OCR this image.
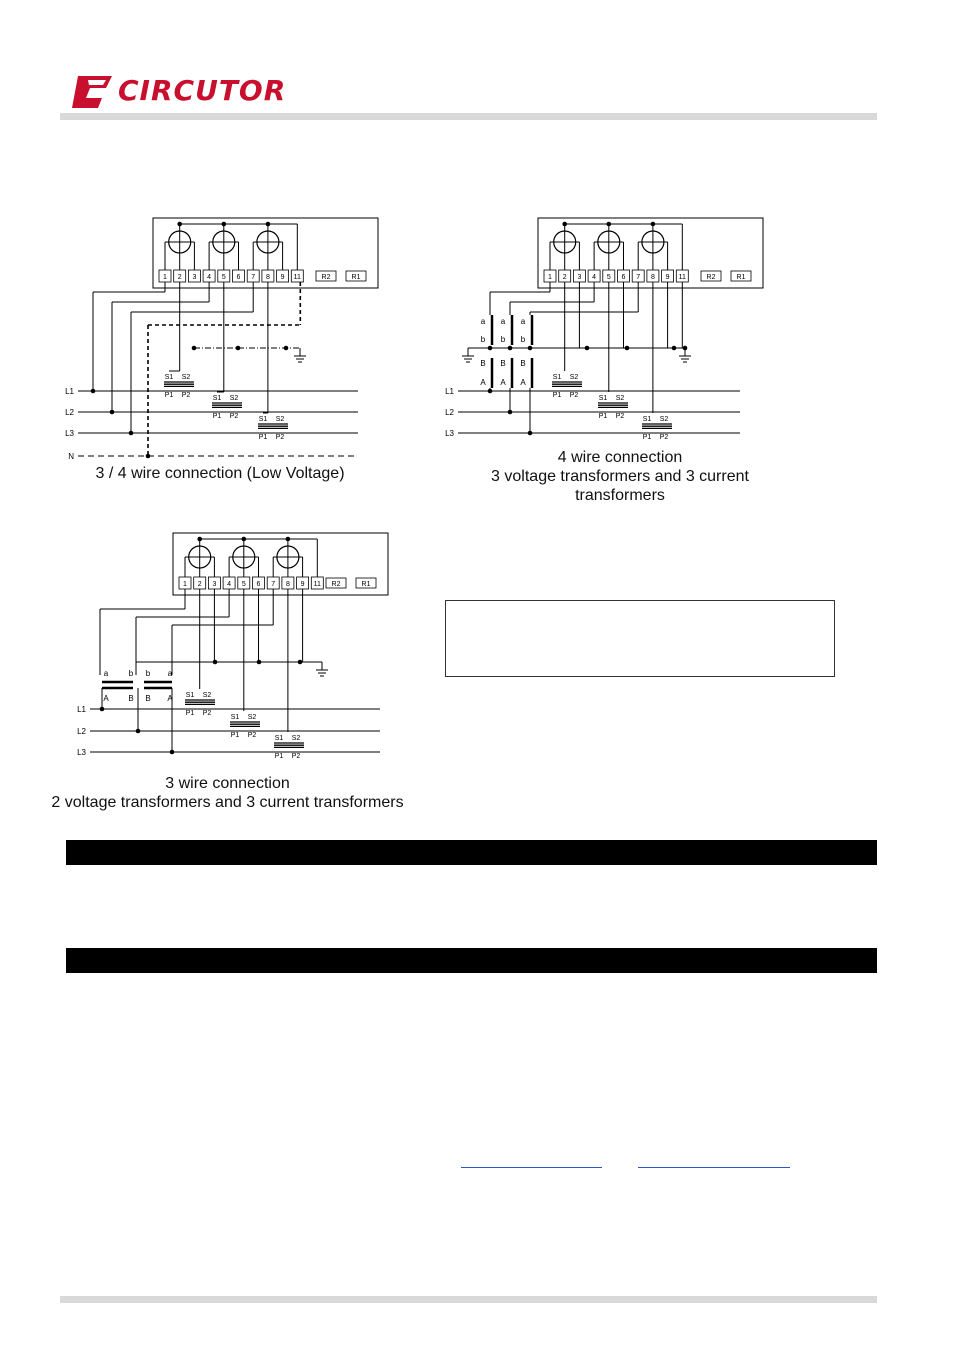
CIRCUTOR
1 2 3 4 5 6 7 8 9 11	R2	R1
L1
L2
L3
N
S1 S2
P1 P2	S1 S2
P1 P2	S1 S2
P1 P2
3 / 4 wire connection (Low Voltage)
1 2 3 4 5 6 7 8 9 11	R2	R1
L1
L2
L3
a
b
B
A
a
b
B
A
a
b
B
A
S1 S2
P1 P2	S1 S2
P1 P2	S1 S2
P1 P2
4 wire connection
3 voltage transformers and 3 current
transformers
1 2 3 4 5 6 7 8 9 11 R2	R1
L1
L2
L3
a	b
A B
b a
B A S1 S2
P1 P2
S1 S2
P1 P2	S1 S2
P1 P2
3 wire connection
2 voltage transformers and 3 current transformers
